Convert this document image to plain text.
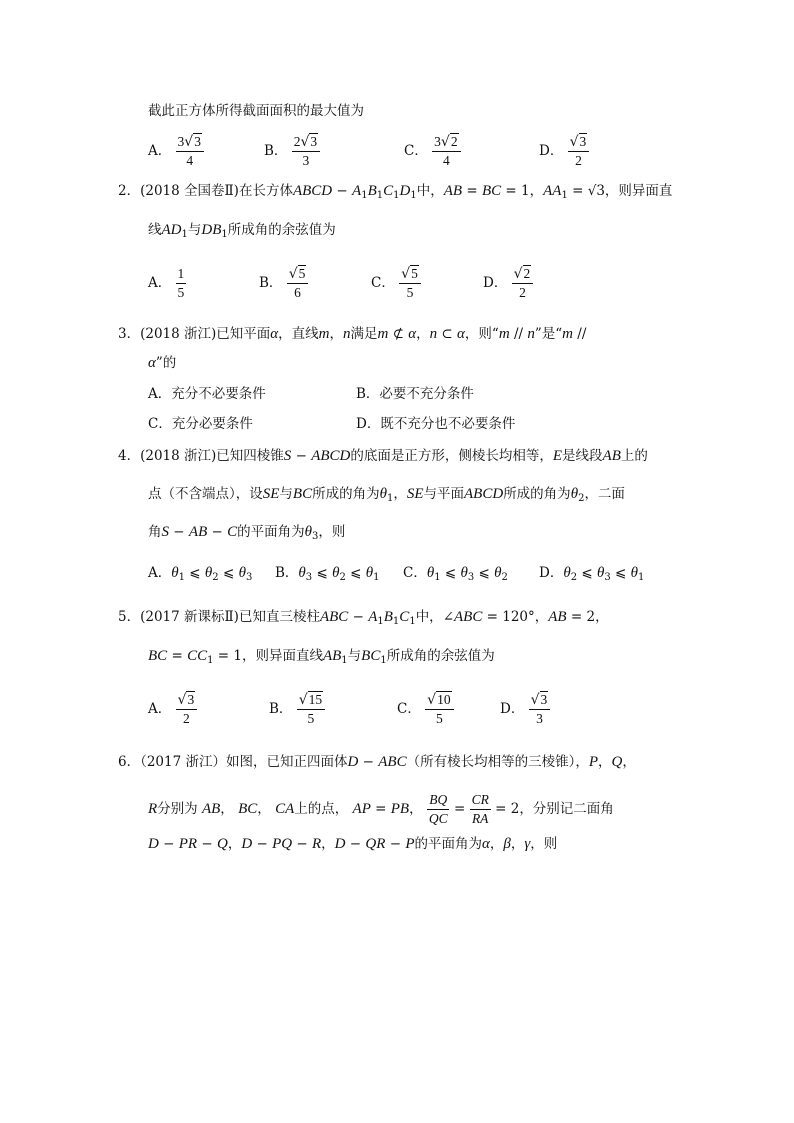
截此正方体所得截面面积的最大值为
A． $\frac{3√3}{4}$	B． $\frac{2√3}{3}$	C． $\frac{3√2}{4}$	D． $\frac{√3}{2}$
2．(2018 全国卷Ⅱ)在长方体ABCD − $A_1B_1C_1D_1$中，AB = BC = 1，$AA_1 = √3$，则异面直
线$AD_1$与$DB_1$所成角的余弦值为
A． $\frac{1}{5}$	B． $\frac{√5}{6}$	C． $\frac{√5}{5}$	D． $\frac{√2}{2}$
3．(2018 浙江)已知平面α，直线m，n满足m ⊄ α，n ⊂ α，则“m // n”是“m //
α”的
A．充分不必要条件	B．必要不充分条件
C．充分必要条件	D．既不充分也不必要条件
4．(2018 浙江)已知四棱锥S − ABCD的底面是正方形，侧棱长均相等，E是线段AB上的
点（不含端点），设SE与BC所成的角为$\theta_1$，SE与平面ABCD所成的角为$\theta_2$，二面
角S − AB − C的平面角为$\theta_3$，则
A．$\theta_1$ ⩽ $\theta_2$ ⩽ $\theta_3$ B．$\theta_3$ ⩽ $\theta_2$ ⩽ $\theta_1$ C．$\theta_1$ ⩽ $\theta_3$ ⩽ $\theta_2$ D．$\theta_2$ ⩽ $\theta_3$ ⩽ $\theta_1$
5．(2017 新课标Ⅱ)已知直三棱柱ABC − $A_1B_1C_1$中，∠ABC = 120°，AB = 2，
BC = $CC_1 = 1$，则异面直线$AB_1$与$BC_1$所成角的余弦值为
A． $\frac{√3}{2}$	B． $\frac{√15}{5}$	C． $\frac{√10}{5}$	D． $\frac{√3}{3}$
6．（2017 浙江）如图，已知正四面体D − ABC（所有棱长均相等的三棱锥），P，Q，
R分别为 AB， BC， CA上的点， AP = PB， $\frac{BQ}{QC} = \frac{CR}{RA} = 2$，分别记二面角
D − PR − Q，D − PQ − R，D − QR − P的平面角为α，β，γ，则
